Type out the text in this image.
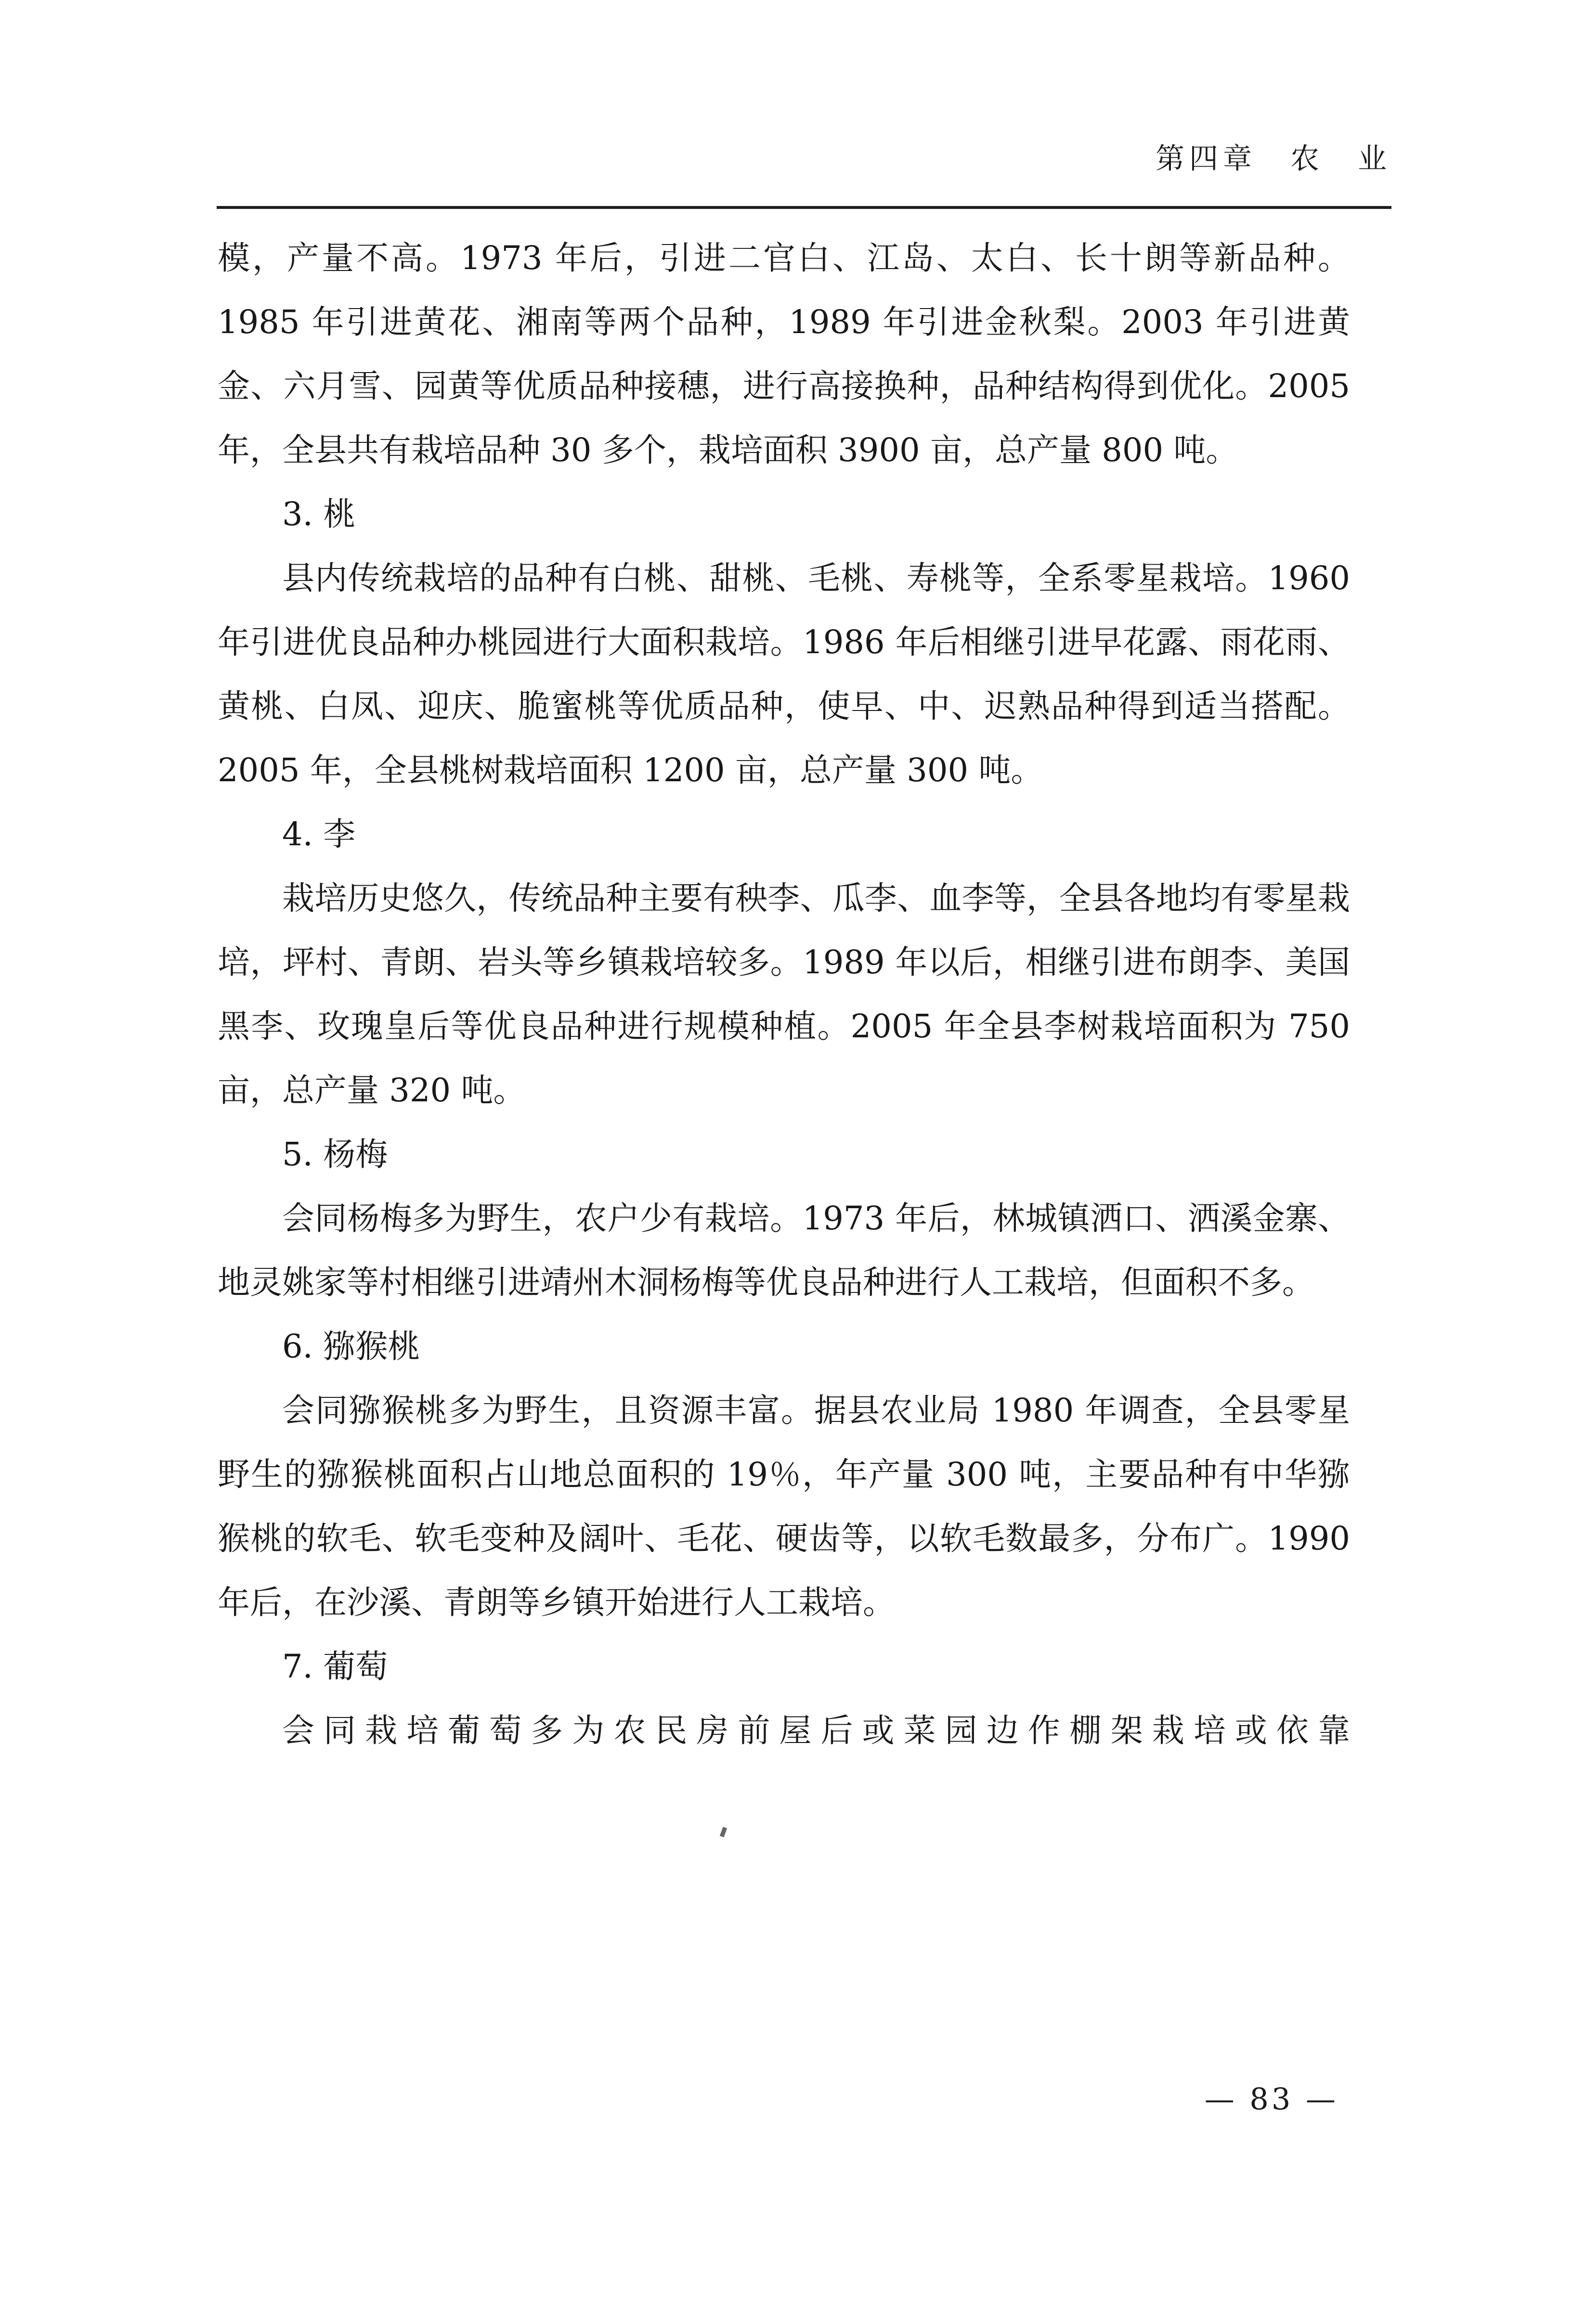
第四章　农　业

模，产量不高。1973 年后，引进二官白、江岛、太白、长十朗等新品种。1985 年引进黄花、湘南等两个品种，1989 年引进金秋梨。2003 年引进黄金、六月雪、园黄等优质品种接穗，进行高接换种，品种结构得到优化。2005 年，全县共有栽培品种 30 多个，栽培面积 3900 亩，总产量 800 吨。

3. 桃

县内传统栽培的品种有白桃、甜桃、毛桃、寿桃等，全系零星栽培。1960 年引进优良品种办桃园进行大面积栽培。1986 年后相继引进早花露、雨花雨、黄桃、白凤、迎庆、脆蜜桃等优质品种，使早、中、迟熟品种得到适当搭配。2005 年，全县桃树栽培面积 1200 亩，总产量 300 吨。

4. 李

栽培历史悠久，传统品种主要有秧李、瓜李、血李等，全县各地均有零星栽培，坪村、青朗、岩头等乡镇栽培较多。1989 年以后，相继引进布朗李、美国黑李、玫瑰皇后等优良品种进行规模种植。2005 年全县李树栽培面积为 750 亩，总产量 320 吨。

5. 杨梅

会同杨梅多为野生，农户少有栽培。1973 年后，林城镇洒口、洒溪金寨、地灵姚家等村相继引进靖州木洞杨梅等优良品种进行人工栽培，但面积不多。

6. 猕猴桃

会同猕猴桃多为野生，且资源丰富。据县农业局 1980 年调查，全县零星野生的猕猴桃面积占山地总面积的 19％，年产量 300 吨，主要品种有中华猕猴桃的软毛、软毛变种及阔叶、毛花、硬齿等，以软毛数最多，分布广。1990 年后，在沙溪、青朗等乡镇开始进行人工栽培。

7. 葡萄

会同栽培葡萄多为农民房前屋后或菜园边作棚架栽培或依靠

— 83 —
